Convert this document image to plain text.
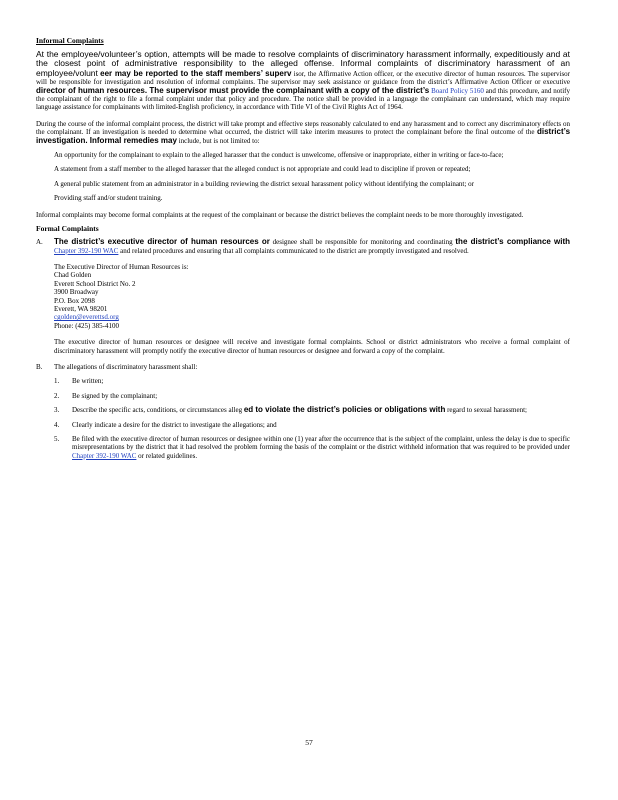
Informal Complaints

At the employee/volunteer’s option, attempts will be made to resolve complaints of discriminatory harassment informally, expeditiously and at the closest point of administrative responsibility to the alleged offense. Informal complaints of discriminatory harassment of an employee/volunt eer may be reported to the staff members’ superv isor, the Affirmative Action officer, or the executive director of human resources. The supervisor will be responsible for investigation and resolution of informal complaints. The supervisor may seek assistance or guidance from the district’s Affirmative Action Officer or executive director of human resources. The supervisor must provide the complainant with a copy of the district’s Board Policy 5160 and this procedure, and notify the complainant of the right to file a formal complaint under that policy and procedure. The notice shall be provided in a language the complainant can understand, which may require language assistance for complainants with limited-English proficiency, in accordance with Title VI of the Civil Rights Act of 1964.

During the course of the informal complaint process, the district will take prompt and effective steps reasonably calculated to end any harassment and to correct any discriminatory effects on the complainant. If an investigation is needed to determine what occurred, the district will take interim measures to protect the complainant before the final outcome of the district’s investigation. Informal remedies may include, but is not limited to:

An opportunity for the complainant to explain to the alleged harasser that the conduct is unwelcome, offensive or inappropriate, either in writing or face-to-face;

A statement from a staff member to the alleged harasser that the alleged conduct is not appropriate and could lead to discipline if proven or repeated;

A general public statement from an administrator in a building reviewing the district sexual harassment policy without identifying the complainant; or

Providing staff and/or student training.

Informal complaints may become formal complaints at the request of the complainant or because the district believes the complaint needs to be more thoroughly investigated.

Formal Complaints
A.	The district’s executive director of human resources or designee shall be responsible for monitoring and coordinating the district’s compliance with Chapter 392-190 WAC and related procedures and ensuring that all complaints communicated to the district are promptly investigated and resolved.

The Executive Director of Human Resources is:

Chad Golden

Everett School District No. 2

3900 Broadway

P.O. Box 2098

Everett, WA 98201

cgolden@everettsd.org

Phone: (425) 385-4100

The executive director of human resources or designee will receive and investigate formal complaints. School or district administrators who receive a formal complaint of discriminatory harassment will promptly notify the executive director of human resources or designee and forward a copy of the complaint.

B.	The allegations of discriminatory harassment shall:

1.	Be written;

2.	Be signed by the complainant;

3.	Describe the specific acts, conditions, or circumstances alleg ed to violate the district’s policies or obligations with regard to sexual harassment;

4.	Clearly indicate a desire for the district to investigate the allegations; and

5.	Be filed with the executive director of human resources or designee within one (1) year after the occurrence that is the subject of the complaint, unless the delay is due to specific misrepresentations by the district that it had resolved the problem forming the basis of the complaint or the district withheld information that was required to be provided under Chapter 392-190 WAC or related guidelines.

57
